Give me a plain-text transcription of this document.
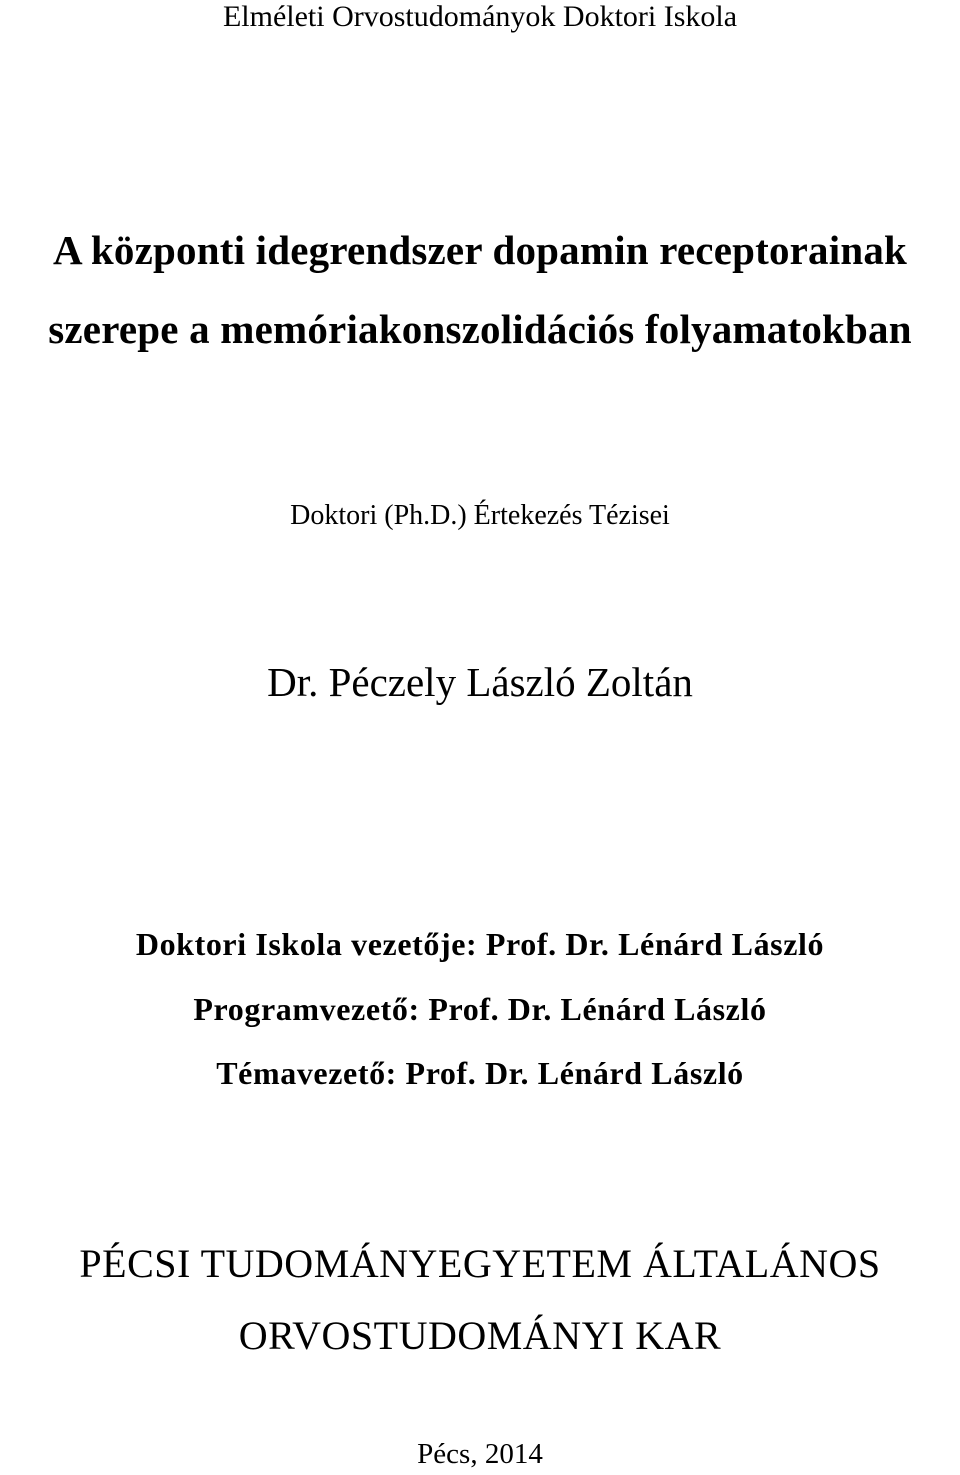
Elméleti Orvostudományok Doktori Iskola
A központi idegrendszer dopamin receptorainak
szerepe a memóriakonszolidációs folyamatokban
Doktori (Ph.D.) Értekezés Tézisei
Dr. Péczely László Zoltán
Doktori Iskola vezetője: Prof. Dr. Lénárd László
Programvezető: Prof. Dr. Lénárd László
Témavezető: Prof. Dr. Lénárd László
PÉCSI TUDOMÁNYEGYETEM ÁLTALÁNOS
ORVOSTUDOMÁNYI KAR
Pécs, 2014
